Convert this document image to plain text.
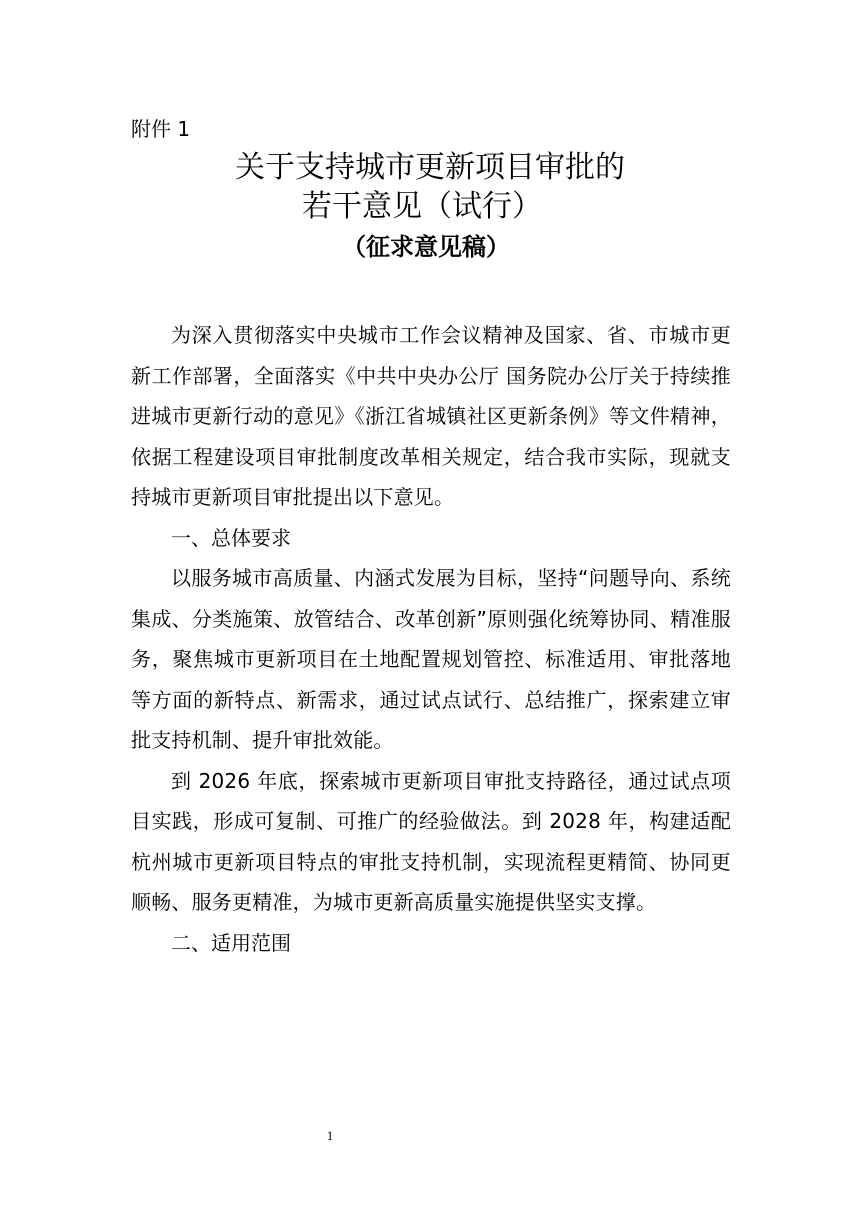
附件 1
关于支持城市更新项目审批的
若干意见（试行）
（征求意见稿）

为深入贯彻落实中央城市工作会议精神及国家、省、市城市更新工作部署，全面落实《中共中央办公厅 国务院办公厅关于持续推进城市更新行动的意见》《浙江省城镇社区更新条例》等文件精神，依据工程建设项目审批制度改革相关规定，结合我市实际，现就支持城市更新项目审批提出以下意见。

一、总体要求

以服务城市高质量、内涵式发展为目标，坚持“问题导向、系统集成、分类施策、放管结合、改革创新”原则强化统筹协同、精准服务，聚焦城市更新项目在土地配置规划管控、标准适用、审批落地等方面的新特点、新需求，通过试点试行、总结推广，探索建立审批支持机制、提升审批效能。

到 2026 年底，探索城市更新项目审批支持路径，通过试点项目实践，形成可复制、可推广的经验做法。到 2028 年，构建适配杭州城市更新项目特点的审批支持机制，实现流程更精简、协同更顺畅、服务更精准，为城市更新高质量实施提供坚实支撑。

二、适用范围

1
